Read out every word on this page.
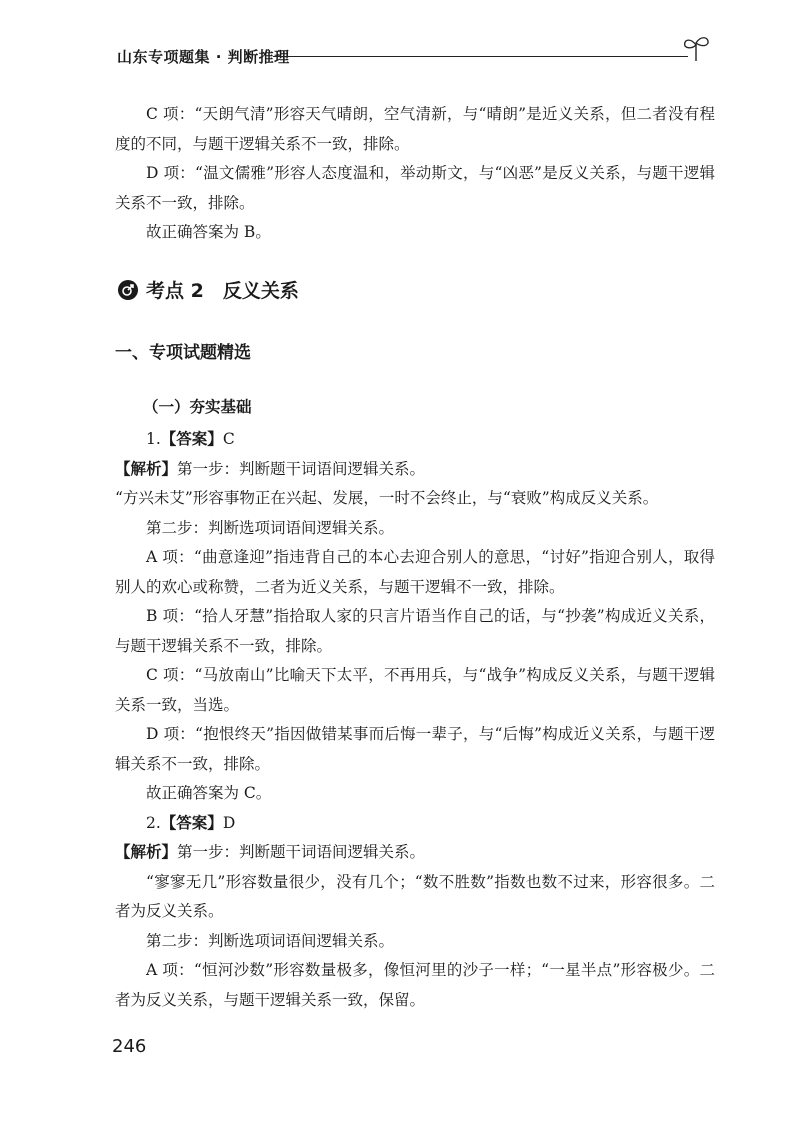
山东专项题集 · 判断推理

C 项：“天朗气清”形容天气晴朗，空气清新，与“晴朗”是近义关系，但二者没有程度的不同，与题干逻辑关系不一致，排除。

D 项：“温文儒雅”形容人态度温和，举动斯文，与“凶恶”是反义关系，与题干逻辑关系不一致，排除。

故正确答案为 B。

考点 2　反义关系
一、专项试题精选
（一）夯实基础

1.【答案】C

【解析】第一步：判断题干词语间逻辑关系。

“方兴未艾”形容事物正在兴起、发展，一时不会终止，与“衰败”构成反义关系。

第二步：判断选项词语间逻辑关系。

A 项：“曲意逢迎”指违背自己的本心去迎合别人的意思，“讨好”指迎合别人，取得别人的欢心或称赞，二者为近义关系，与题干逻辑不一致，排除。

B 项：“拾人牙慧”指拾取人家的只言片语当作自己的话，与“抄袭”构成近义关系，与题干逻辑关系不一致，排除。

C 项：“马放南山”比喻天下太平，不再用兵，与“战争”构成反义关系，与题干逻辑关系一致，当选。

D 项：“抱恨终天”指因做错某事而后悔一辈子，与“后悔”构成近义关系，与题干逻辑关系不一致，排除。

故正确答案为 C。

2.【答案】D

【解析】第一步：判断题干词语间逻辑关系。

“寥寥无几”形容数量很少，没有几个；“数不胜数”指数也数不过来，形容很多。二者为反义关系。

第二步：判断选项词语间逻辑关系。

A 项：“恒河沙数”形容数量极多，像恒河里的沙子一样；“一星半点”形容极少。二者为反义关系，与题干逻辑关系一致，保留。

246
